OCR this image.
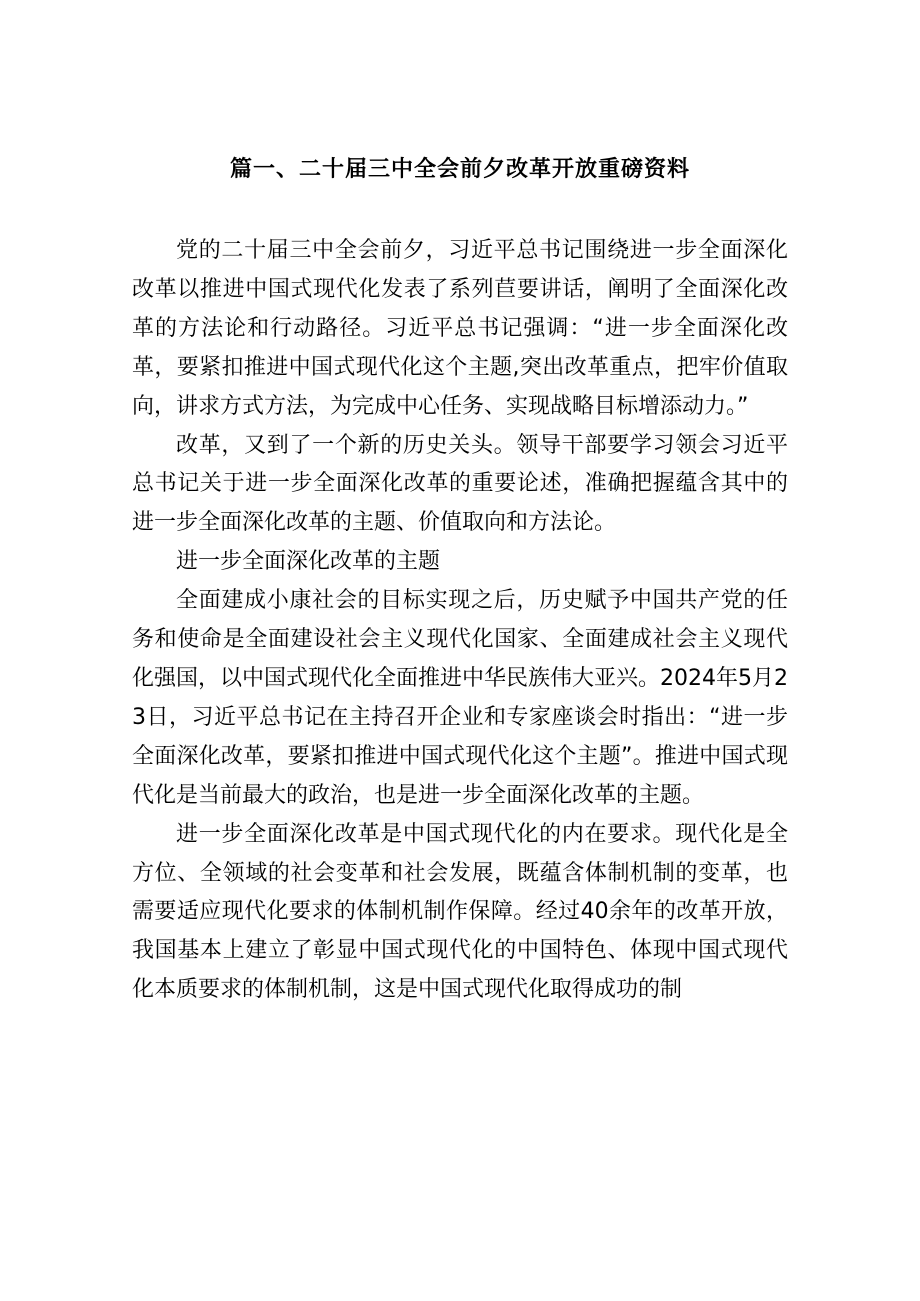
篇一、二十届三中全会前夕改革开放重磅资料

党的二十届三中全会前夕，习近平总书记围绕进一步全面深化改革以推进中国式现代化发表了系列苣要讲话，阐明了全面深化改革的方法论和行动路径。习近平总书记强调：“进一步全面深化改革，要紧扣推进中国式现代化这个主题,突出改革重点，把牢价值取向，讲求方式方法，为完成中心任务、实现战略目标增添动力。”

改革，又到了一个新的历史关头。领导干部要学习领会习近平总书记关于进一步全面深化改革的重要论述，准确把握蕴含其中的进一步全面深化改革的主题、价值取向和方法论。

进一步全面深化改革的主题

全面建成小康社会的目标实现之后，历史赋予中国共产党的任务和使命是全面建设社会主义现代化国家、全面建成社会主义现代化强国，以中国式现代化全面推进中华民族伟大亚兴。2024年5月23日，习近平总书记在主持召开企业和专家座谈会时指出：“进一步全面深化改革，要紧扣推进中国式现代化这个主题”。推进中国式现代化是当前最大的政治，也是进一步全面深化改革的主题。

进一步全面深化改革是中国式现代化的内在要求。现代化是全方位、全领域的社会变革和社会发展，既蕴含体制机制的变革，也需要适应现代化要求的体制机制作保障。经过40余年的改革开放，我国基本上建立了彰显中国式现代化的中国特色、体现中国式现代化本质要求的体制机制，这是中国式现代化取得成功的制
